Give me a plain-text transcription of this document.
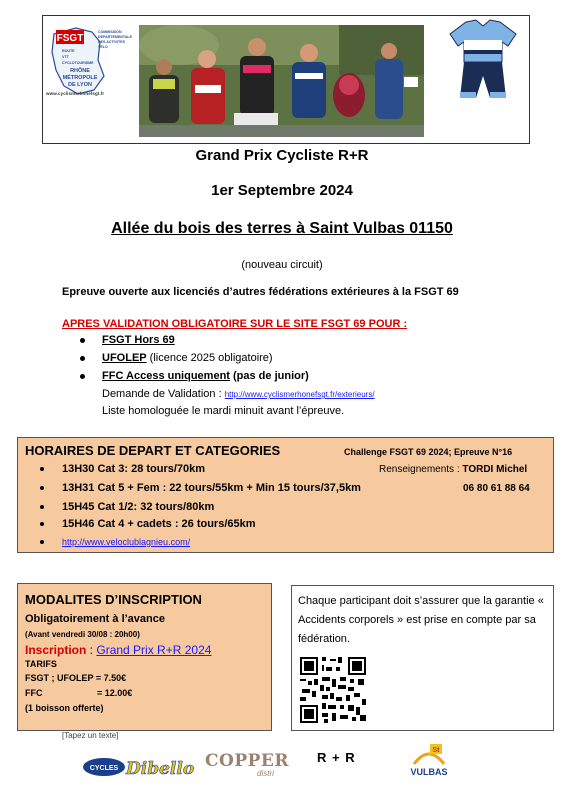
FSGT
COMMISSION
DEPARTEMENTALE
DES ACTIVITES
VELO
ROUTE
VTT
CYCLOTOURISME
RHÔNE
MÉTROPOLE
DE LYON
www.cyclismerhonefsgt.fr
Grand Prix Cycliste R+R
1er Septembre 2024
Allée du bois des terres à Saint Vulbas 01150
(nouveau circuit)
Epreuve ouverte aux licenciés d’autres fédérations extérieures à la FSGT 69
APRES VALIDATION OBLIGATOIRE SUR LE SITE FSGT 69 POUR :
FSGT Hors 69
UFOLEP (licence 2025 obligatoire)
FFC Access uniquement (pas de junior)
Demande de Validation : http://www.cyclismerhonefsgt.fr/exterieurs/
Liste homologuée le mardi minuit avant l’épreuve.
HORAIRES DE DEPART ET CATEGORIES	Challenge FSGT 69 2024; Epreuve N°16
13H30 Cat 3: 28 tours/70km
13H31 Cat 5 + Fem : 22 tours/55km + Min 15 tours/37,5km
15H45 Cat 1/2: 32 tours/80km
15H46 Cat 4 + cadets : 26 tours/65km
http://www.veloclublagnieu.com/
Renseignements : TORDI Michel
06 80 61 88 64
MODALITES D’INSCRIPTION
Obligatoirement à l’avance
(Avant vendredi 30/08 : 20h00)
Inscription : Grand Prix R+R 2024
TARIFS
FSGT ; UFOLEP = 7.50€
FFC	= 12.00€
(1 boisson offerte)
Chaque participant doit s’assurer que la garantie « Accidents corporels » est prise en compte par sa fédération.
[Tapez un texte]
CYCLES Dibello COPPER
distri
R + R	St
VULBAS
